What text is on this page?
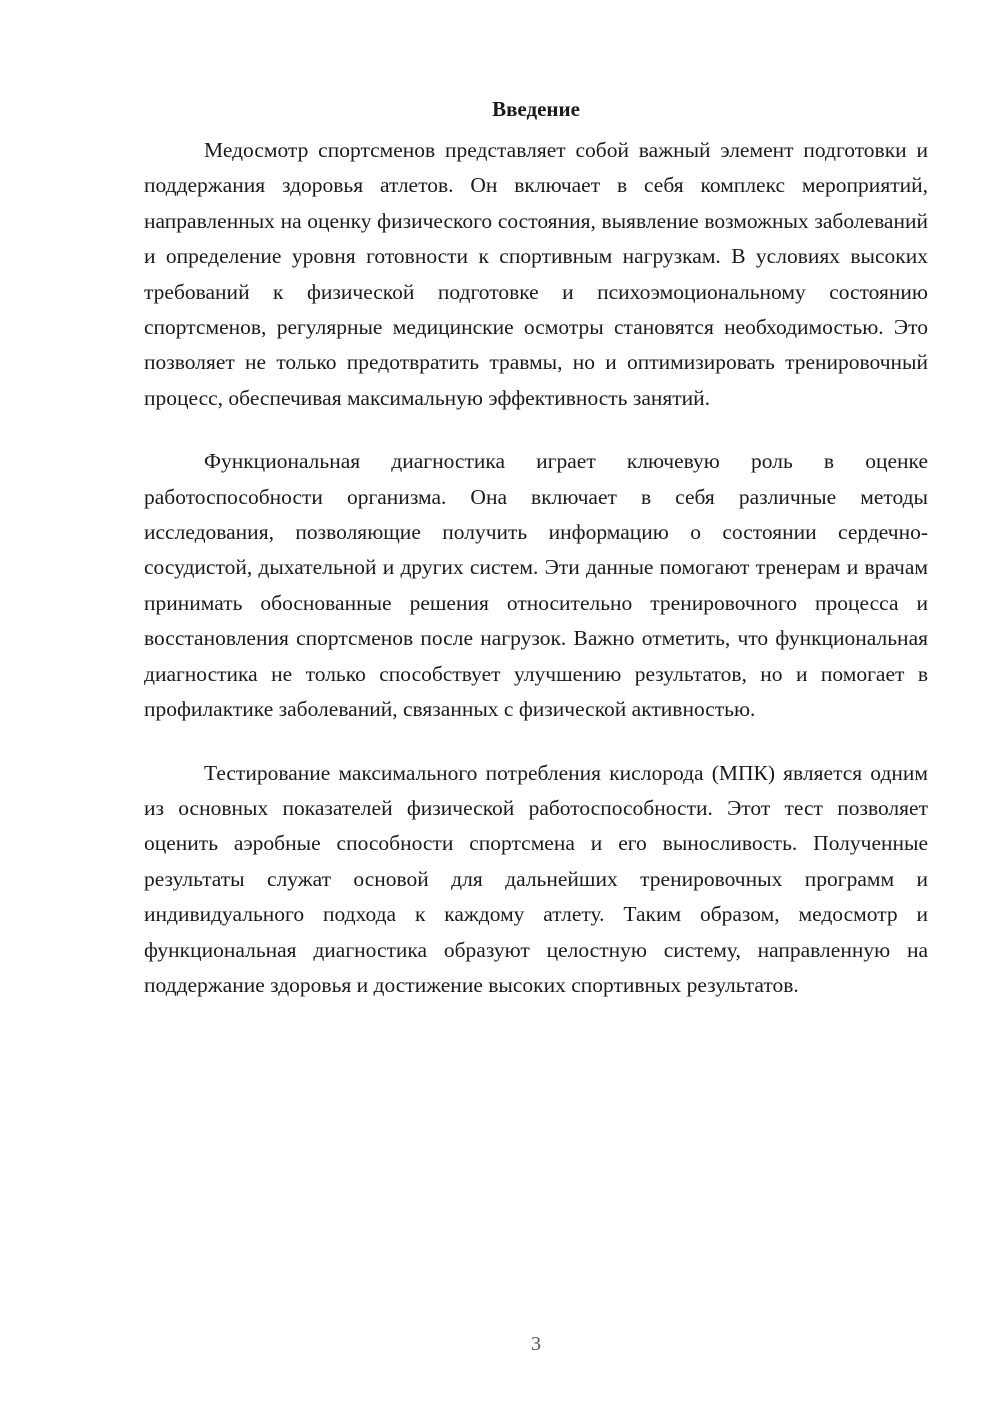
Введение

Медосмотр спортсменов представляет собой важный элемент подготовки и поддержания здоровья атлетов. Он включает в себя комплекс мероприятий, направленных на оценку физического состояния, выявление возможных заболеваний и определение уровня готовности к спортивным нагрузкам. В условиях высоких требований к физической подготовке и психоэмоциональному состоянию спортсменов, регулярные медицинские осмотры становятся необходимостью. Это позволяет не только предотвратить травмы, но и оптимизировать тренировочный процесс, обеспечивая максимальную эффективность занятий.

Функциональная диагностика играет ключевую роль в оценке работоспособности организма. Она включает в себя различные методы исследования, позволяющие получить информацию о состоянии сердечно-сосудистой, дыхательной и других систем. Эти данные помогают тренерам и врачам принимать обоснованные решения относительно тренировочного процесса и восстановления спортсменов после нагрузок. Важно отметить, что функциональная диагностика не только способствует улучшению результатов, но и помогает в профилактике заболеваний, связанных с физической активностью.

Тестирование максимального потребления кислорода (МПК) является одним из основных показателей физической работоспособности. Этот тест позволяет оценить аэробные способности спортсмена и его выносливость. Полученные результаты служат основой для дальнейших тренировочных программ и индивидуального подхода к каждому атлету. Таким образом, медосмотр и функциональная диагностика образуют целостную систему, направленную на поддержание здоровья и достижение высоких спортивных результатов.

3
